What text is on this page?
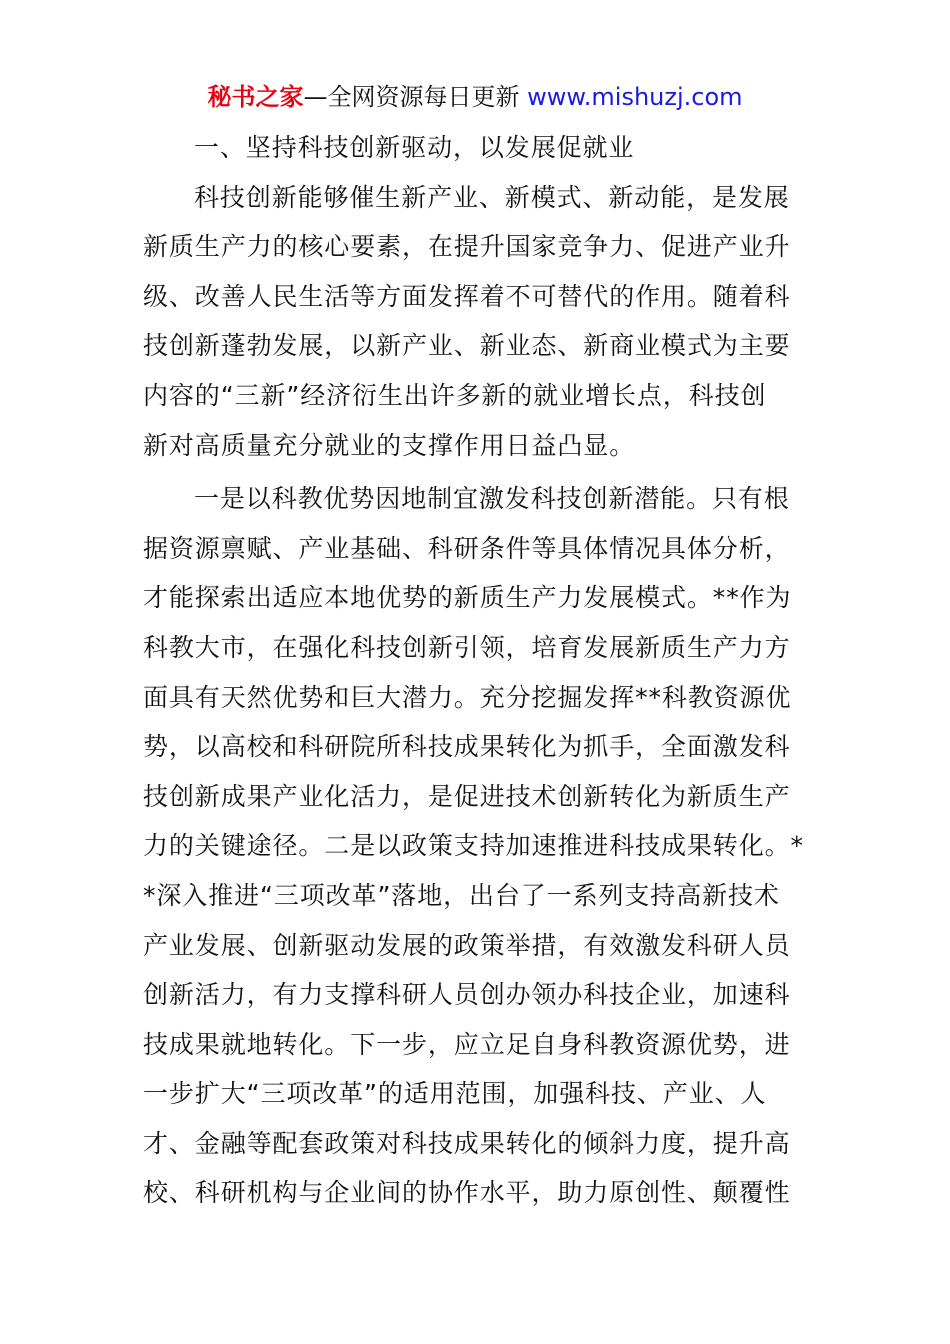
秘书之家—全网资源每日更新 www.mishuzj.com
一、坚持科技创新驱动，以发展促就业
科技创新能够催生新产业、新模式、新动能，是发展
新质生产力的核心要素，在提升国家竞争力、促进产业升
级、改善人民生活等方面发挥着不可替代的作用。随着科
技创新蓬勃发展，以新产业、新业态、新商业模式为主要
内容的“三新”经济衍生出许多新的就业增长点，科技创
新对高质量充分就业的支撑作用日益凸显。
一是以科教优势因地制宜激发科技创新潜能。只有根
据资源禀赋、产业基础、科研条件等具体情况具体分析，
才能探索出适应本地优势的新质生产力发展模式。**作为
科教大市，在强化科技创新引领，培育发展新质生产力方
面具有天然优势和巨大潜力。充分挖掘发挥**科教资源优
势，以高校和科研院所科技成果转化为抓手，全面激发科
技创新成果产业化活力，是促进技术创新转化为新质生产
力的关键途径。二是以政策支持加速推进科技成果转化。*
*深入推进“三项改革”落地，出台了一系列支持高新技术
产业发展、创新驱动发展的政策举措，有效激发科研人员
创新活力，有力支撑科研人员创办领办科技企业，加速科
技成果就地转化。下一步，应立足自身科教资源优势，进
一步扩大“三项改革”的适用范围，加强科技、产业、人
才、金融等配套政策对科技成果转化的倾斜力度，提升高
校、科研机构与企业间的协作水平，助力原创性、颠覆性
